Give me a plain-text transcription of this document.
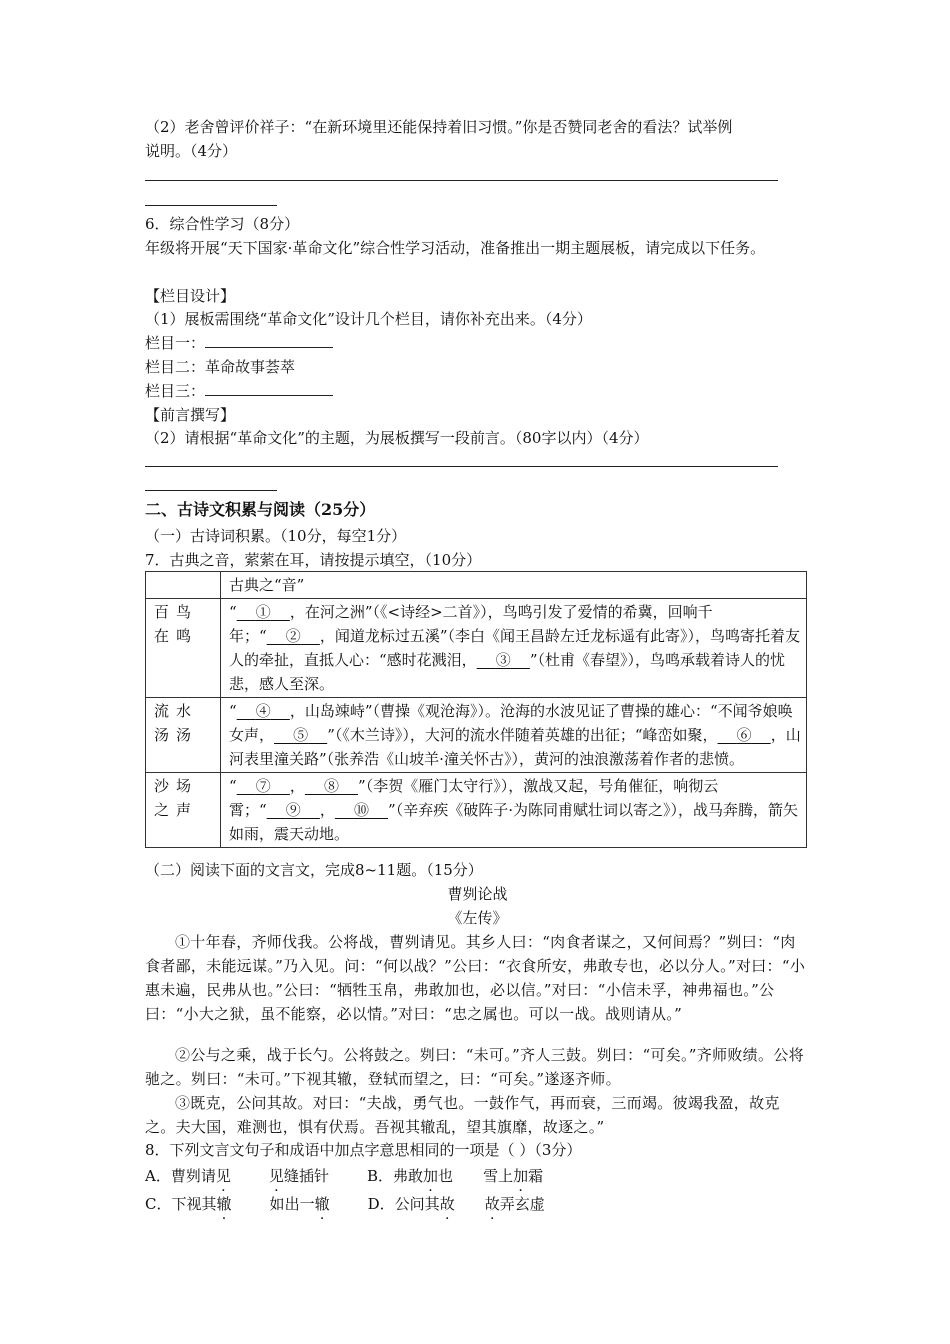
（2）老舍曾评价祥子：“在新环境里还能保持着旧习惯。”你是否赞同老舍的看法？试举例
说明。（4分）
6．综合性学习（8分）
年级将开展“天下国家·革命文化”综合性学习活动，准备推出一期主题展板，请完成以下任务。
【栏目设计】
（1）展板需围绕“革命文化”设计几个栏目，请你补充出来。（4分）
栏目一：
栏目二：革命故事荟萃
栏目三：
【前言撰写】
（2）请根据“革命文化”的主题，为展板撰写一段前言。（80字以内）（4分）
二、古诗文积累与阅读（25分）
（一）古诗词积累。（10分，每空1分）
7．古典之音，萦萦在耳，请按提示填空，（10分）
	古典之“音”
百鸟在鸣	“ ① ，在河之洲”（《<诗经>二首》），鸟鸣引发了爱情的希冀，回响千年；“ ② ，闻道龙标过五溪”（李白《闻王昌龄左迁龙标遥有此寄》），鸟鸣寄托着友人的牵扯，直抵人心：“感时花溅泪， ③ ”（杜甫《春望》），鸟鸣承载着诗人的忧悲，感人至深。
流水汤汤	“ ④ ，山岛竦峙”（曹操《观沧海》）。沧海的水波见证了曹操的雄心：“不闻爷娘唤女声， ⑤ ”（《木兰诗》），大河的流水伴随着英雄的出征；“峰峦如聚， ⑥ ，山河表里潼关路”（张养浩《山坡羊·潼关怀古》），黄河的浊浪激荡着作者的悲愤。
沙场之声	“ ⑦ ， ⑧ ”（李贺《雁门太守行》），激战又起，号角催征，响彻云霄；“ ⑨ ， ⑩ ”（辛弃疾《破阵子·为陈同甫赋壮词以寄之》），战马奔腾，箭矢如雨，震天动地。
（二）阅读下面的文言文，完成8~11题。（15分）
曹刿论战
《左传》
①十年春，齐师伐我。公将战，曹刿请见。其乡人曰：“肉食者谋之，又何间焉？”刿曰：“肉食者鄙，未能远谋。”乃入见。问：“何以战？”公曰：“衣食所安，弗敢专也，必以分人。”对曰：“小惠未遍，民弗从也。”公曰：“牺牲玉帛，弗敢加也，必以信。”对曰：“小信未孚，神弗福也。”公曰：“小大之狱，虽不能察，必以情。”对曰：“忠之属也。可以一战。战则请从。”
②公与之乘，战于长勺。公将鼓之。刿曰：“未可。”齐人三鼓。刿曰：“可矣。”齐师败绩。公将驰之。刿曰：“未可。”下视其辙，登轼而望之，曰：“可矣。”遂逐齐师。
③既克，公问其故。对曰：“夫战，勇气也。一鼓作气，再而衰，三而竭。彼竭我盈，故克之。夫大国，难测也，惧有伏焉。吾视其辙乱，望其旗靡，故逐之。”
8．下列文言文句子和成语中加点字意思相同的一项是（ ）（3分）
A．曹刿请见	见缝插针	B．弗敢加也 雪上加霜
C．下视其辙	如出一辙	D．公问其故 故弄玄虚
